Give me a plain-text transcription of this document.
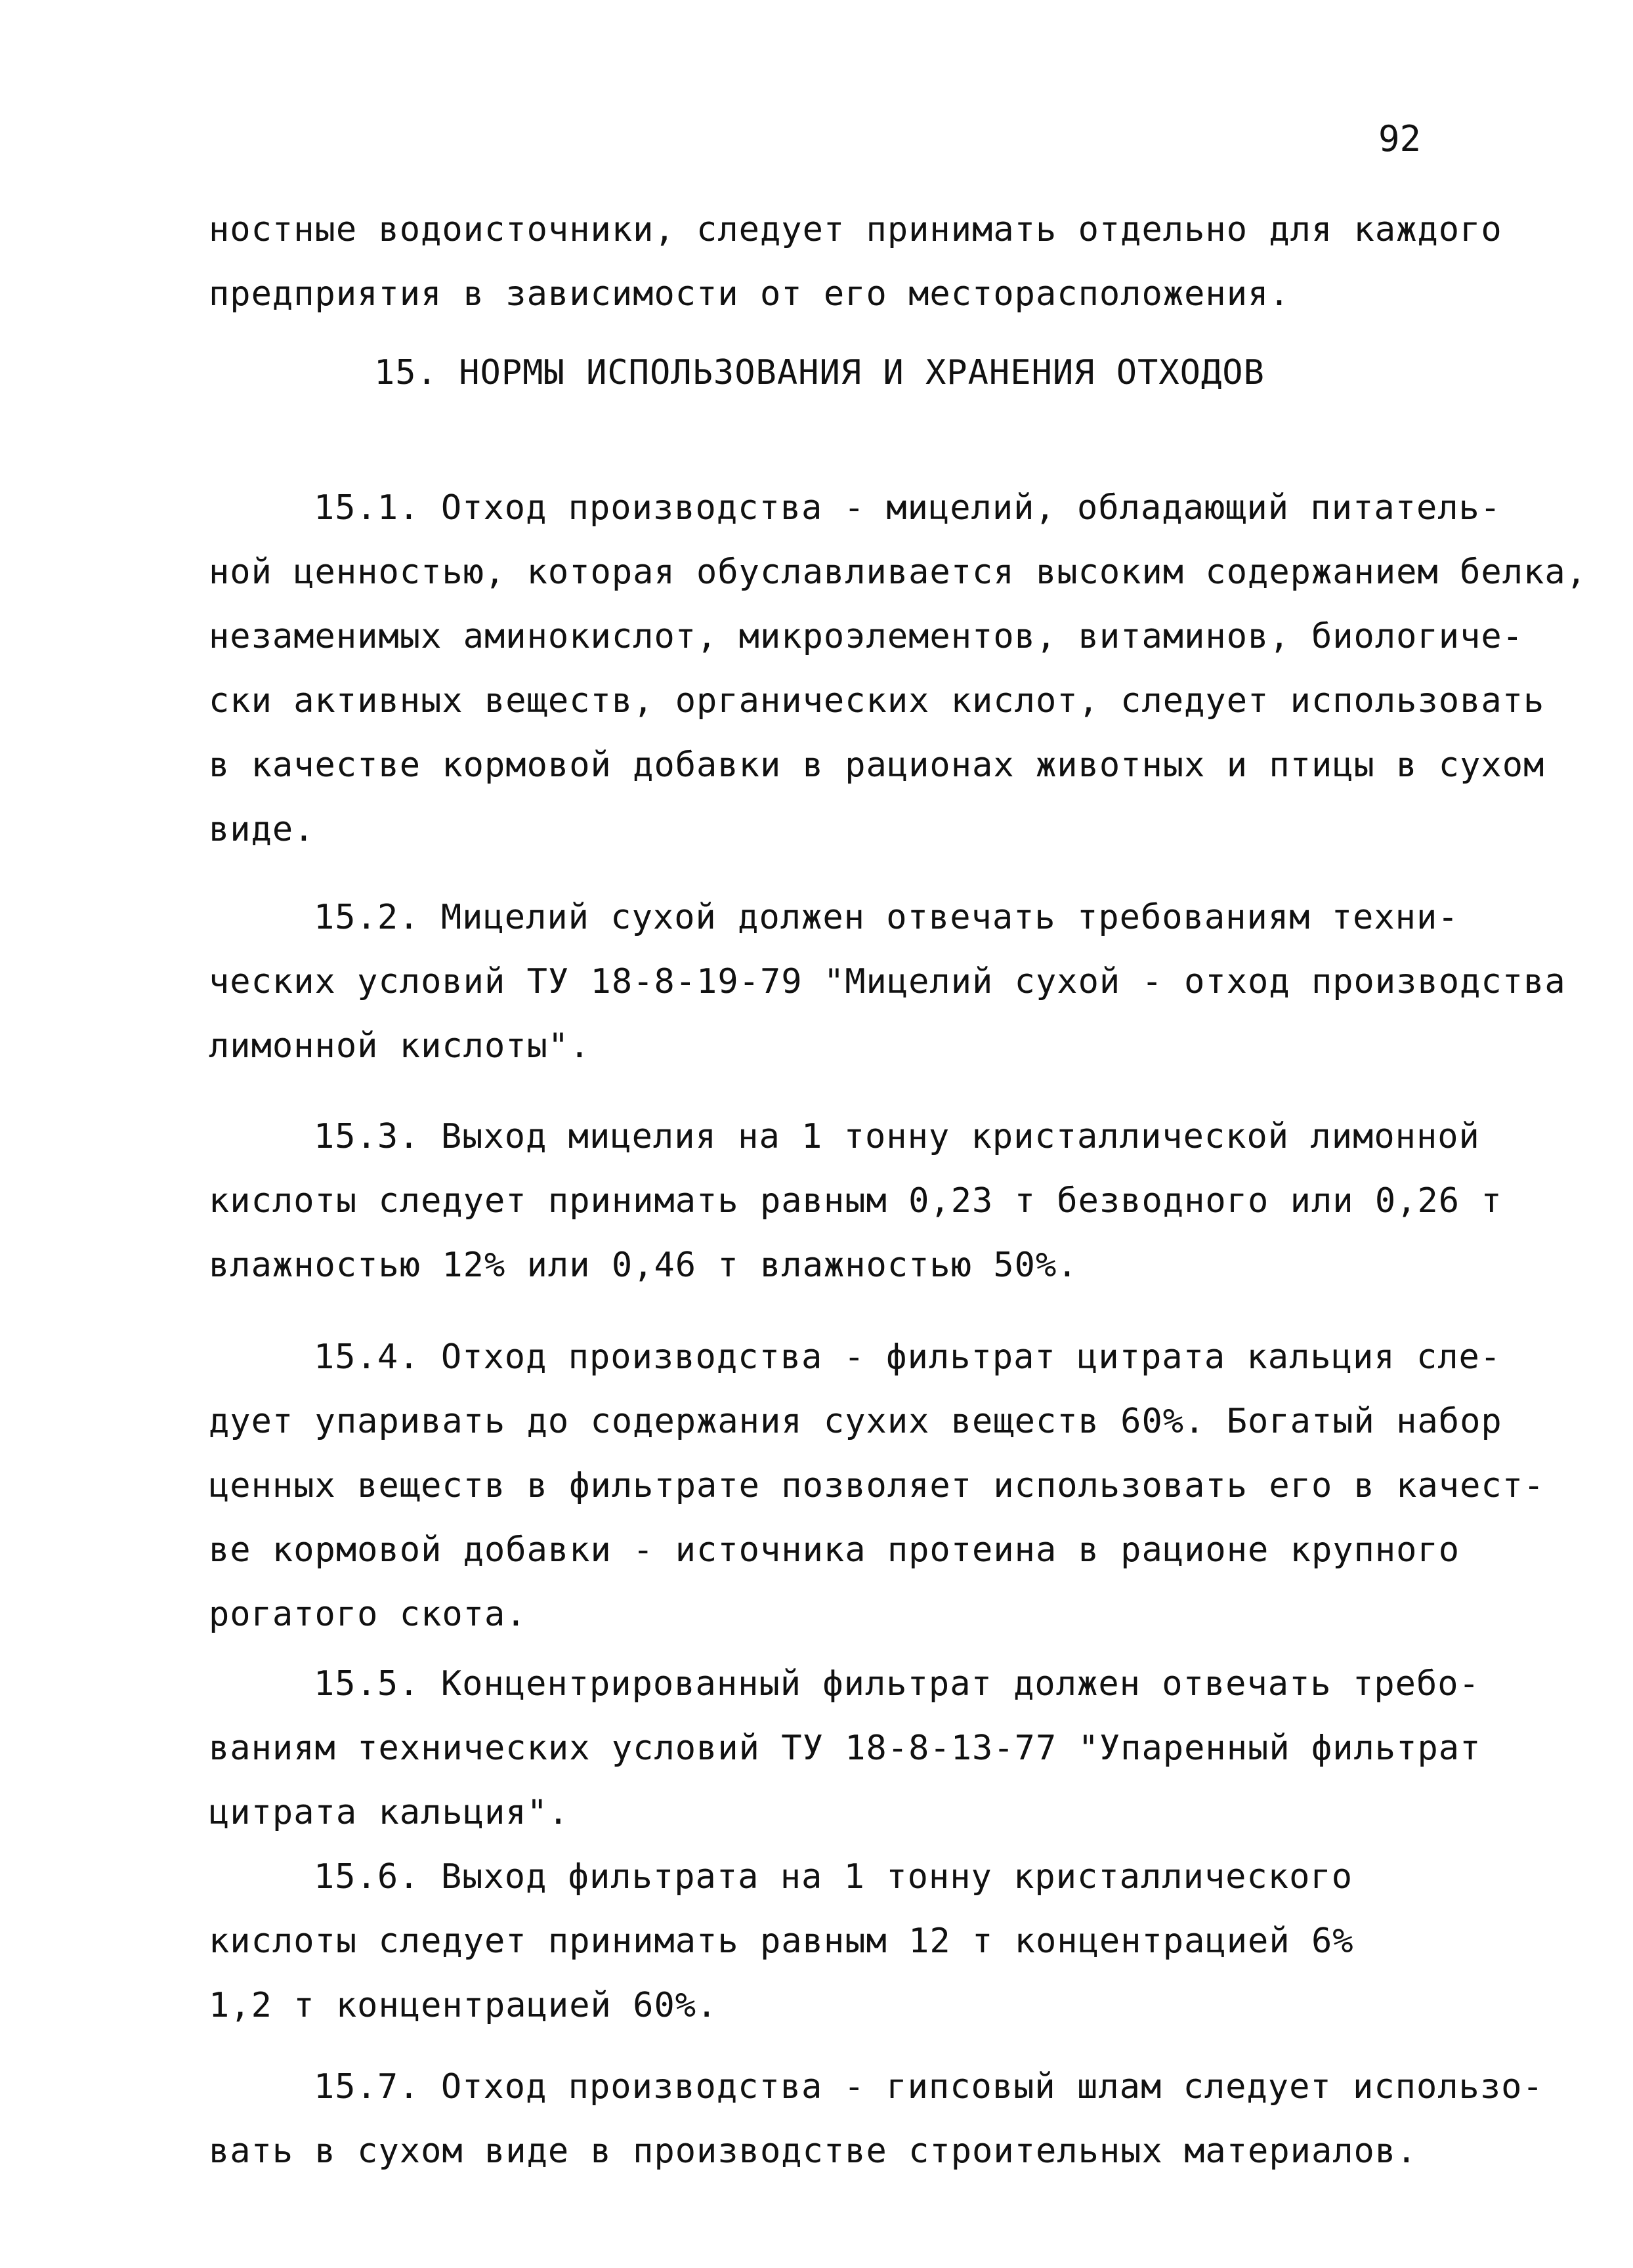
92
ностные водоисточники, следует принимать отдельно для каждого
предприятия в зависимости от его месторасположения.
15. НОРМЫ ИСПОЛЬЗОВАНИЯ И ХРАНЕНИЯ ОТХОДОВ
15.1. Отход производства - мицелий, обладающий питатель-
ной ценностью, которая обуславливается высоким содержанием белка,
незаменимых аминокислот, микроэлементов, витаминов, биологиче-
ски активных веществ, органических кислот, следует использовать
в качестве кормовой добавки в рационах животных и птицы в сухом
виде.
15.2. Мицелий сухой должен отвечать требованиям техни-
ческих условий ТУ 18-8-19-79 "Мицелий сухой - отход производства
лимонной кислоты".
15.3. Выход мицелия на 1 тонну кристаллической лимонной
кислоты следует принимать равным 0,23 т безводного или 0,26 т
влажностью 12% или 0,46 т влажностью 50%.
15.4. Отход производства - фильтрат цитрата кальция сле-
дует упаривать до содержания сухих веществ 60%. Богатый набор
ценных веществ в фильтрате позволяет использовать его в качест-
ве кормовой добавки - источника протеина в рационе крупного
рогатого скота.
15.5. Концентрированный фильтрат должен отвечать требо-
ваниям технических условий ТУ 18-8-13-77 "Упаренный фильтрат
цитрата кальция".
15.6. Выход фильтрата на 1 тонну кристаллического
кислоты следует принимать равным 12 т концентрацией 6%
1,2 т концентрацией 60%.
15.7. Отход производства - гипсовый шлам следует использо-
вать в сухом виде в производстве строительных материалов.
